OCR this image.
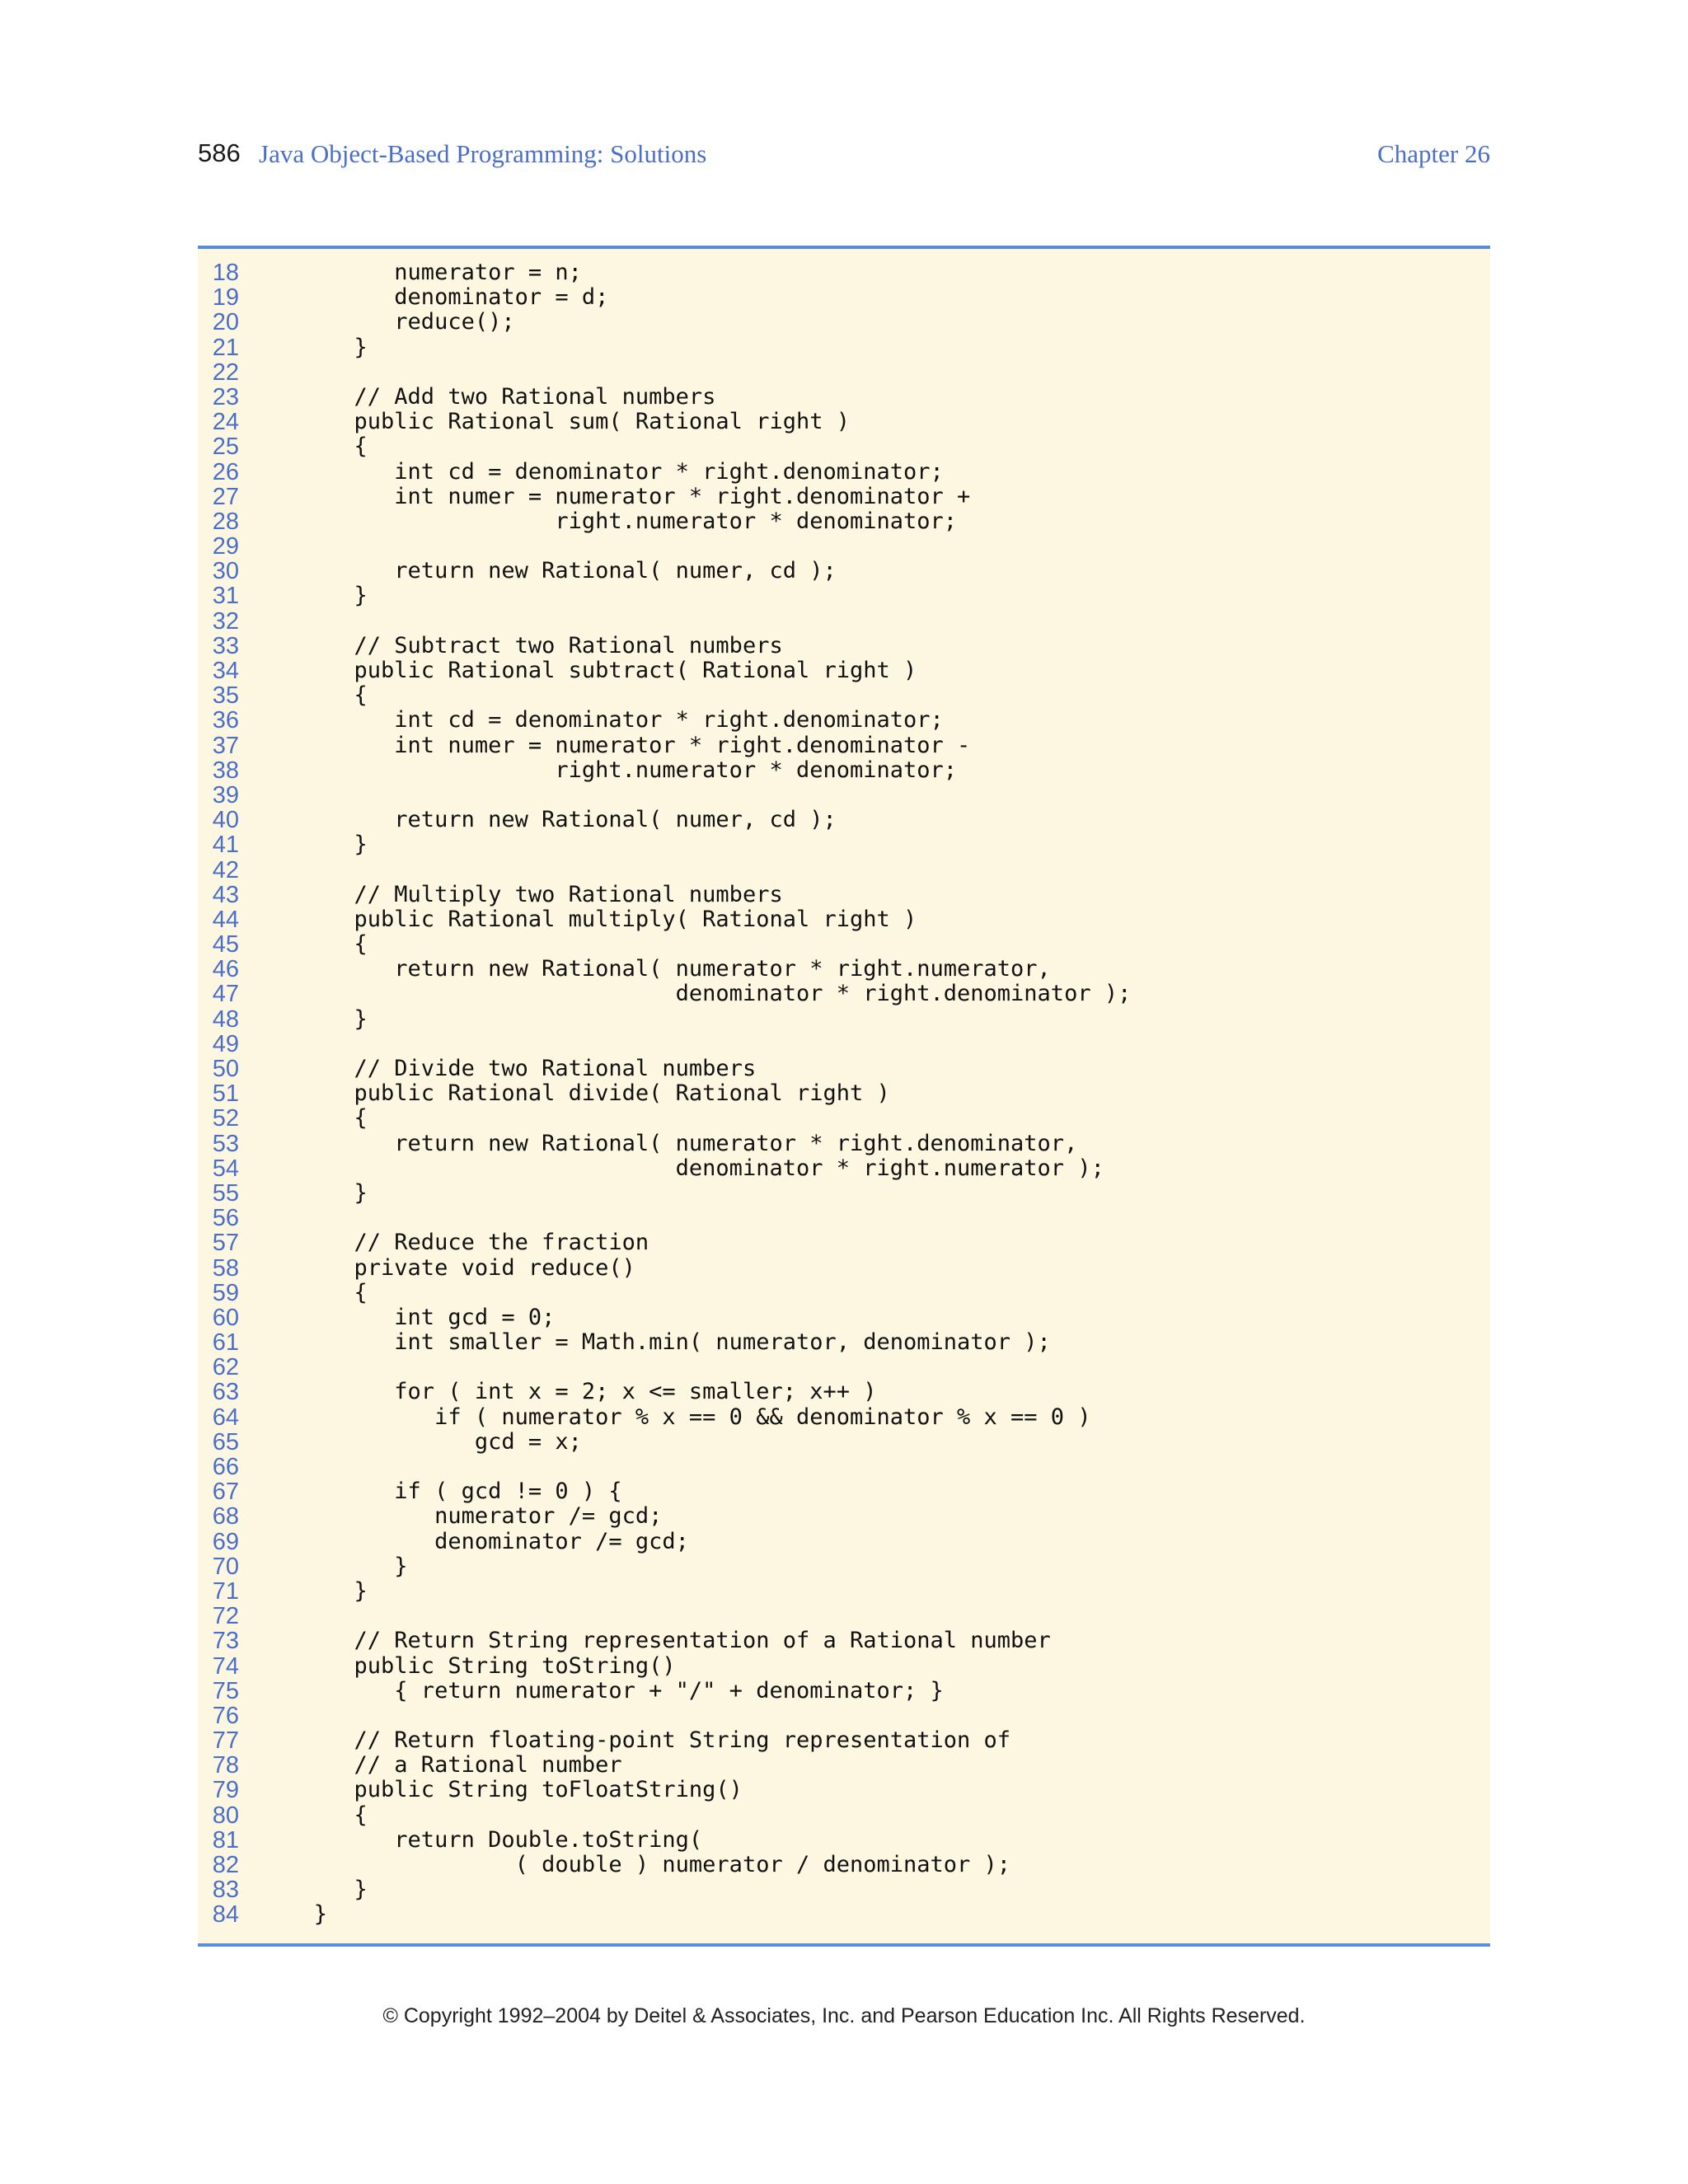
586 Java Object-Based Programming: Solutions	Chapter 26
18 numerator = n;
19 denominator = d;
20 reduce();
21 }
22
23 // Add two Rational numbers
24 public Rational sum( Rational right )
25 {
26 int cd = denominator * right.denominator;
27 int numer = numerator * right.denominator +
28 right.numerator * denominator;
29
30 return new Rational( numer, cd );
31 }
32
33 // Subtract two Rational numbers
34 public Rational subtract( Rational right )
35 {
36 int cd = denominator * right.denominator;
37 int numer = numerator * right.denominator -
38 right.numerator * denominator;
39
40 return new Rational( numer, cd );
41 }
42
43 // Multiply two Rational numbers
44 public Rational multiply( Rational right )
45 {
46 return new Rational( numerator * right.numerator,
47 denominator * right.denominator );
48 }
49
50 // Divide two Rational numbers
51 public Rational divide( Rational right )
52 {
53 return new Rational( numerator * right.denominator,
54 denominator * right.numerator );
55 }
56
57 // Reduce the fraction
58 private void reduce()
59 {
60 int gcd = 0;
61 int smaller = Math.min( numerator, denominator );
62
63 for ( int x = 2; x <= smaller; x++ )
64 if ( numerator % x == 0 && denominator % x == 0 )
65 gcd = x;
66
67 if ( gcd != 0 ) {
68 numerator /= gcd;
69 denominator /= gcd;
70 }
71 }
72
73 // Return String representation of a Rational number
74 public String toString()
75 { return numerator + "/" + denominator; }
76
77 // Return floating-point String representation of
78 // a Rational number
79 public String toFloatString()
80 {
81 return Double.toString(
82 ( double ) numerator / denominator );
83 }
84 }
© Copyright 1992–2004 by Deitel & Associates, Inc. and Pearson Education Inc. All Rights Reserved.
